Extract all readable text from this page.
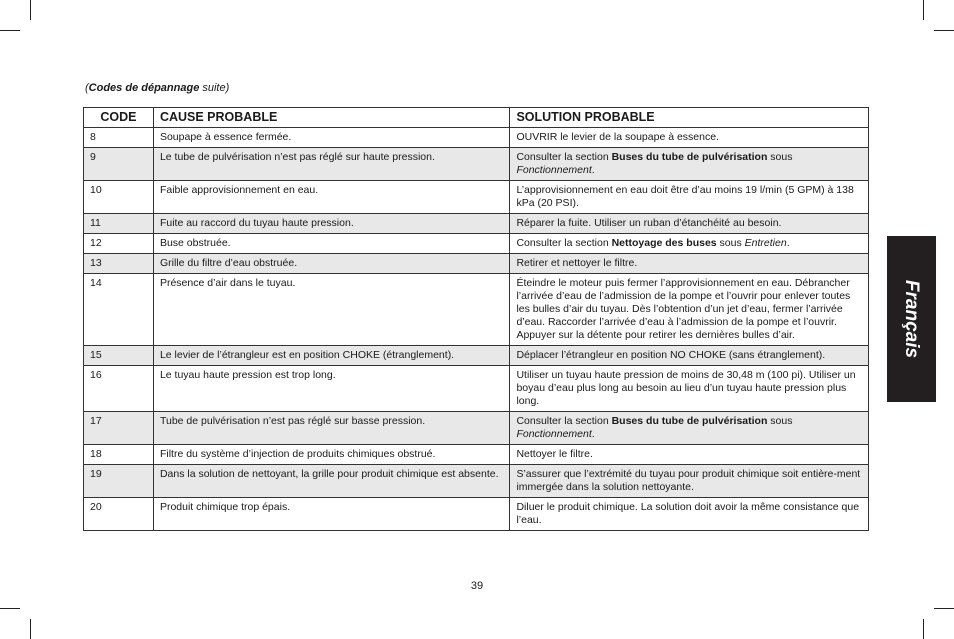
(Codes de dépannage suite)
CODE	CAUSE PROBABLE	SOLUTION PROBABLE
8	Soupape à essence fermée.	OUVRIR le levier de la soupape à essence.
9	Le tube de pulvérisation n’est pas réglé sur haute pression.	Consulter la section Buses du tube de pulvérisation sous Fonctionnement.
10	Faible approvisionnement en eau.	L’approvisionnement en eau doit être d’au moins 19 l/min (5 GPM) à 138 kPa (20 PSI).
11	Fuite au raccord du tuyau haute pression.	Réparer la fuite. Utiliser un ruban d’étanchéité au besoin.
12	Buse obstruée.	Consulter la section Nettoyage des buses sous Entretien.
13	Grille du filtre d’eau obstruée.	Retirer et nettoyer le filtre.
14	Présence d’air dans le tuyau.	Éteindre le moteur puis fermer l’approvisionnement en eau. Débrancher l’arrivée d’eau de l’admission de la pompe et l’ouvrir pour enlever toutes les bulles d’air du tuyau. Dès l’obtention d’un jet d’eau, fermer l’arrivée d’eau. Raccorder l’arrivée d’eau à l’admission de la pompe et l’ouvrir. Appuyer sur la détente pour retirer les dernières bulles d’air.
15	Le levier de l’étrangleur est en position CHOKE (étranglement).	Déplacer l’étrangleur en position NO CHOKE (sans étranglement).
16	Le tuyau haute pression est trop long.	Utiliser un tuyau haute pression de moins de 30,48 m (100 pi). Utiliser un boyau d’eau plus long au besoin au lieu d’un tuyau haute pression plus long.
17	Tube de pulvérisation n’est pas réglé sur basse pression.	Consulter la section Buses du tube de pulvérisation sous Fonctionnement.
18	Filtre du système d’injection de produits chimiques obstrué.	Nettoyer le filtre.
19	Dans la solution de nettoyant, la grille pour produit chimique est absente.	S’assurer que l’extrémité du tuyau pour produit chimique soit entière-ment immergée dans la solution nettoyante.
20	Produit chimique trop épais.	Diluer le produit chimique. La solution doit avoir la même consistance que l’eau.
Français
39
